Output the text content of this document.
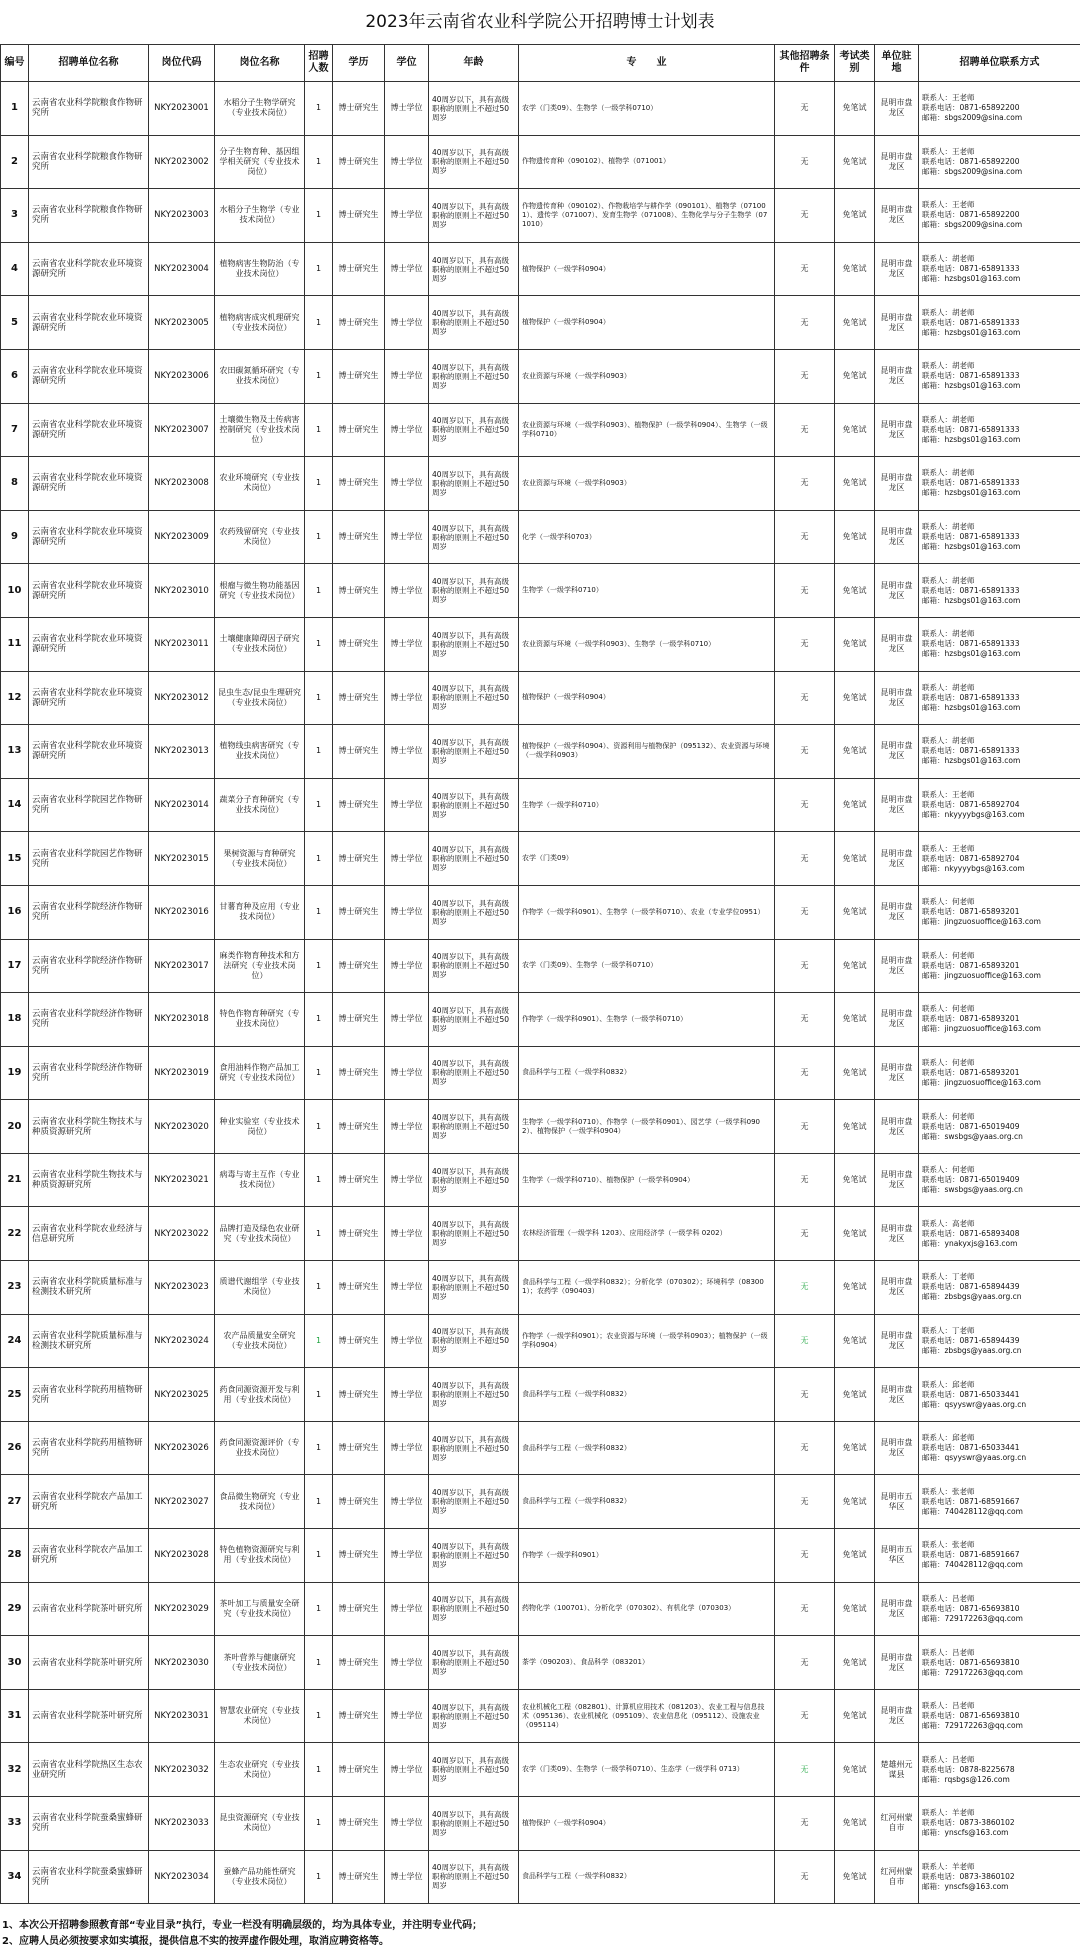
2023年云南省农业科学院公开招聘博士计划表
编号	招聘单位名称	岗位代码	岗位名称	招聘人数	学历	学位	年龄	专　　业	其他招聘条件	考试类别	单位驻地	招聘单位联系方式
1	云南省农业科学院粮食作物研究所	NKY2023001	水稻分子生物学研究（专业技术岗位）	1	博士研究生	博士学位	40周岁以下，具有高级职称的原则上不超过50周岁	农学（门类09）、生物学（一级学科0710）	无	免笔试	昆明市盘龙区	联系人：王老师
联系电话：0871-65892200
邮箱：sbgs2009@sina.com
2	云南省农业科学院粮食作物研究所	NKY2023002	分子生物育种、基因组学相关研究（专业技术岗位）	1	博士研究生	博士学位	40周岁以下，具有高级职称的原则上不超过50周岁	作物遗传育种（090102）、植物学（071001）	无	免笔试	昆明市盘龙区	联系人：王老师
联系电话：0871-65892200
邮箱：sbgs2009@sina.com
3	云南省农业科学院粮食作物研究所	NKY2023003	水稻分子生物学（专业技术岗位）	1	博士研究生	博士学位	40周岁以下，具有高级职称的原则上不超过50周岁	作物遗传育种（090102）、作物栽培学与耕作学（090101）、植物学（071001）、遗传学（071007）、发育生物学（071008）、生物化学与分子生物学（071010）	无	免笔试	昆明市盘龙区	联系人：王老师
联系电话：0871-65892200
邮箱：sbgs2009@sina.com
4	云南省农业科学院农业环境资源研究所	NKY2023004	植物病害生物防治（专业技术岗位）	1	博士研究生	博士学位	40周岁以下，具有高级职称的原则上不超过50周岁	植物保护（一级学科0904）	无	免笔试	昆明市盘龙区	联系人：胡老师
联系电话：0871-65891333
邮箱：hzsbgs01@163.com
5	云南省农业科学院农业环境资源研究所	NKY2023005	植物病害成灾机理研究（专业技术岗位）	1	博士研究生	博士学位	40周岁以下，具有高级职称的原则上不超过50周岁	植物保护（一级学科0904）	无	免笔试	昆明市盘龙区	联系人：胡老师
联系电话：0871-65891333
邮箱：hzsbgs01@163.com
6	云南省农业科学院农业环境资源研究所	NKY2023006	农田碳氮循环研究（专业技术岗位）	1	博士研究生	博士学位	40周岁以下，具有高级职称的原则上不超过50周岁	农业资源与环境（一级学科0903）	无	免笔试	昆明市盘龙区	联系人：胡老师
联系电话：0871-65891333
邮箱：hzsbgs01@163.com
7	云南省农业科学院农业环境资源研究所	NKY2023007	土壤微生物及土传病害控制研究（专业技术岗位）	1	博士研究生	博士学位	40周岁以下，具有高级职称的原则上不超过50周岁	农业资源与环境（一级学科0903）、植物保护（一级学科0904）、生物学（一级学科0710）	无	免笔试	昆明市盘龙区	联系人：胡老师
联系电话：0871-65891333
邮箱：hzsbgs01@163.com
8	云南省农业科学院农业环境资源研究所	NKY2023008	农业环境研究（专业技术岗位）	1	博士研究生	博士学位	40周岁以下，具有高级职称的原则上不超过50周岁	农业资源与环境（一级学科0903）	无	免笔试	昆明市盘龙区	联系人：胡老师
联系电话：0871-65891333
邮箱：hzsbgs01@163.com
9	云南省农业科学院农业环境资源研究所	NKY2023009	农药残留研究（专业技术岗位）	1	博士研究生	博士学位	40周岁以下，具有高级职称的原则上不超过50周岁	化学（一级学科0703）	无	免笔试	昆明市盘龙区	联系人：胡老师
联系电话：0871-65891333
邮箱：hzsbgs01@163.com
10	云南省农业科学院农业环境资源研究所	NKY2023010	根瘤与微生物功能基因研究（专业技术岗位）	1	博士研究生	博士学位	40周岁以下，具有高级职称的原则上不超过50周岁	生物学（一级学科0710）	无	免笔试	昆明市盘龙区	联系人：胡老师
联系电话：0871-65891333
邮箱：hzsbgs01@163.com
11	云南省农业科学院农业环境资源研究所	NKY2023011	土壤健康障碍因子研究（专业技术岗位）	1	博士研究生	博士学位	40周岁以下，具有高级职称的原则上不超过50周岁	农业资源与环境（一级学科0903）、生物学（一级学科0710）	无	免笔试	昆明市盘龙区	联系人：胡老师
联系电话：0871-65891333
邮箱：hzsbgs01@163.com
12	云南省农业科学院农业环境资源研究所	NKY2023012	昆虫生态/昆虫生理研究（专业技术岗位）	1	博士研究生	博士学位	40周岁以下，具有高级职称的原则上不超过50周岁	植物保护（一级学科0904）	无	免笔试	昆明市盘龙区	联系人：胡老师
联系电话：0871-65891333
邮箱：hzsbgs01@163.com
13	云南省农业科学院农业环境资源研究所	NKY2023013	植物线虫病害研究（专业技术岗位）	1	博士研究生	博士学位	40周岁以下，具有高级职称的原则上不超过50周岁	植物保护（一级学科0904）、资源利用与植物保护（095132）、农业资源与环境（一级学科0903）	无	免笔试	昆明市盘龙区	联系人：胡老师
联系电话：0871-65891333
邮箱：hzsbgs01@163.com
14	云南省农业科学院园艺作物研究所	NKY2023014	蔬菜分子育种研究（专业技术岗位）	1	博士研究生	博士学位	40周岁以下，具有高级职称的原则上不超过50周岁	生物学（一级学科0710）	无	免笔试	昆明市盘龙区	联系人：王老师
联系电话：0871-65892704
邮箱：nkyyyybgs@163.com
15	云南省农业科学院园艺作物研究所	NKY2023015	果树资源与育种研究（专业技术岗位）	1	博士研究生	博士学位	40周岁以下，具有高级职称的原则上不超过50周岁	农学（门类09）	无	免笔试	昆明市盘龙区	联系人：王老师
联系电话：0871-65892704
邮箱：nkyyyybgs@163.com
16	云南省农业科学院经济作物研究所	NKY2023016	甘薯育种及应用（专业技术岗位）	1	博士研究生	博士学位	40周岁以下，具有高级职称的原则上不超过50周岁	作物学（一级学科0901）、生物学（一级学科0710）、农业（专业学位0951）	无	免笔试	昆明市盘龙区	联系人：何老师
联系电话：0871-65893201
邮箱：jingzuosuoffice@163.com
17	云南省农业科学院经济作物研究所	NKY2023017	麻类作物育种技术和方法研究（专业技术岗位）	1	博士研究生	博士学位	40周岁以下，具有高级职称的原则上不超过50周岁	农学（门类09）、生物学（一级学科0710）	无	免笔试	昆明市盘龙区	联系人：何老师
联系电话：0871-65893201
邮箱：jingzuosuoffice@163.com
18	云南省农业科学院经济作物研究所	NKY2023018	特色作物育种研究（专业技术岗位）	1	博士研究生	博士学位	40周岁以下，具有高级职称的原则上不超过50周岁	作物学（一级学科0901）、生物学（一级学科0710）	无	免笔试	昆明市盘龙区	联系人：何老师
联系电话：0871-65893201
邮箱：jingzuosuoffice@163.com
19	云南省农业科学院经济作物研究所	NKY2023019	食用油料作物产品加工研究（专业技术岗位）	1	博士研究生	博士学位	40周岁以下，具有高级职称的原则上不超过50周岁	食品科学与工程（一级学科0832）	无	免笔试	昆明市盘龙区	联系人：何老师
联系电话：0871-65893201
邮箱：jingzuosuoffice@163.com
20	云南省农业科学院生物技术与种质资源研究所	NKY2023020	种业实验室（专业技术岗位）	1	博士研究生	博士学位	40周岁以下，具有高级职称的原则上不超过50周岁	生物学（一级学科0710）、作物学（一级学科0901）、园艺学（一级学科0902）、植物保护（一级学科0904）	无	免笔试	昆明市盘龙区	联系人：何老师
联系电话：0871-65019409
邮箱：swsbgs@yaas.org.cn
21	云南省农业科学院生物技术与种质资源研究所	NKY2023021	病毒与寄主互作（专业技术岗位）	1	博士研究生	博士学位	40周岁以下，具有高级职称的原则上不超过50周岁	生物学（一级学科0710）、植物保护（一级学科0904）	无	免笔试	昆明市盘龙区	联系人：何老师
联系电话：0871-65019409
邮箱：swsbgs@yaas.org.cn
22	云南省农业科学院农业经济与信息研究所	NKY2023022	品牌打造及绿色农业研究（专业技术岗位）	1	博士研究生	博士学位	40周岁以下，具有高级职称的原则上不超过50周岁	农林经济管理（一级学科 1203）、应用经济学（一级学科 0202）	无	免笔试	昆明市盘龙区	联系人：高老师
联系电话：0871-65893408
邮箱：ynakyxjs@163.com
23	云南省农业科学院质量标准与检测技术研究所	NKY2023023	质谱代谢组学（专业技术岗位）	1	博士研究生	博士学位	40周岁以下，具有高级职称的原则上不超过50周岁	食品科学与工程（一级学科0832）；分析化学（070302）；环境科学（083001）；农药学（090403）	无	免笔试	昆明市盘龙区	联系人：丁老师
联系电话：0871-65894439
邮箱：zbsbgs@yaas.org.cn
24	云南省农业科学院质量标准与检测技术研究所	NKY2023024	农产品质量安全研究（专业技术岗位）	1	博士研究生	博士学位	40周岁以下，具有高级职称的原则上不超过50周岁	作物学（一级学科0901）；农业资源与环境（一级学科0903）；植物保护（一级学科0904）	无	免笔试	昆明市盘龙区	联系人：丁老师
联系电话：0871-65894439
邮箱：zbsbgs@yaas.org.cn
25	云南省农业科学院药用植物研究所	NKY2023025	药食同源资源开发与利用（专业技术岗位）	1	博士研究生	博士学位	40周岁以下，具有高级职称的原则上不超过50周岁	食品科学与工程（一级学科0832）	无	免笔试	昆明市盘龙区	联系人：邱老师
联系电话：0871-65033441
邮箱：qsyyswr@yaas.org.cn
26	云南省农业科学院药用植物研究所	NKY2023026	药食同源资源评价（专业技术岗位）	1	博士研究生	博士学位	40周岁以下，具有高级职称的原则上不超过50周岁	食品科学与工程（一级学科0832）	无	免笔试	昆明市盘龙区	联系人：邱老师
联系电话：0871-65033441
邮箱：qsyyswr@yaas.org.cn
27	云南省农业科学院农产品加工研究所	NKY2023027	食品微生物研究（专业技术岗位）	1	博士研究生	博士学位	40周岁以下，具有高级职称的原则上不超过50周岁	食品科学与工程（一级学科0832）	无	免笔试	昆明市五华区	联系人：张老师
联系电话：0871-68591667
邮箱：740428112@qq.com
28	云南省农业科学院农产品加工研究所	NKY2023028	特色植物资源研究与利用（专业技术岗位）	1	博士研究生	博士学位	40周岁以下，具有高级职称的原则上不超过50周岁	作物学（一级学科0901）	无	免笔试	昆明市五华区	联系人：张老师
联系电话：0871-68591667
邮箱：740428112@qq.com
29	云南省农业科学院茶叶研究所	NKY2023029	茶叶加工与质量安全研究（专业技术岗位）	1	博士研究生	博士学位	40周岁以下，具有高级职称的原则上不超过50周岁	药物化学（100701）、分析化学（070302）、有机化学（070303）	无	免笔试	昆明市盘龙区	联系人：吕老师
联系电话：0871-65693810
邮箱：729172263@qq.com
30	云南省农业科学院茶叶研究所	NKY2023030	茶叶营养与健康研究（专业技术岗位）	1	博士研究生	博士学位	40周岁以下，具有高级职称的原则上不超过50周岁	茶学（090203）、食品科学（083201）	无	免笔试	昆明市盘龙区	联系人：吕老师
联系电话：0871-65693810
邮箱：729172263@qq.com
31	云南省农业科学院茶叶研究所	NKY2023031	智慧农业研究（专业技术岗位）	1	博士研究生	博士学位	40周岁以下，具有高级职称的原则上不超过50周岁	农业机械化工程（082801）、计算机应用技术（081203）、农业工程与信息技术（095136）、农业机械化（095109）、农业信息化（095112）、设施农业（095114）	无	免笔试	昆明市盘龙区	联系人：吕老师
联系电话：0871-65693810
邮箱：729172263@qq.com
32	云南省农业科学院热区生态农业研究所	NKY2023032	生态农业研究（专业技术岗位）	1	博士研究生	博士学位	40周岁以下，具有高级职称的原则上不超过50周岁	农学（门类09）、生物学（一级学科0710）、生态学（一级学科 0713）	无	免笔试	楚雄州元谋县	联系人：吕老师
联系电话：0878-8225678
邮箱：rqsbgs@126.com
33	云南省农业科学院蚕桑蜜蜂研究所	NKY2023033	昆虫资源研究（专业技术岗位）	1	博士研究生	博士学位	40周岁以下，具有高级职称的原则上不超过50周岁	植物保护（一级学科0904）	无	免笔试	红河州蒙自市	联系人：羊老师
联系电话：0873-3860102
邮箱：ynscfs@163.com
34	云南省农业科学院蚕桑蜜蜂研究所	NKY2023034	蚕蜂产品功能性研究（专业技术岗位）	1	博士研究生	博士学位	40周岁以下，具有高级职称的原则上不超过50周岁	食品科学与工程（一级学科0832）	无	免笔试	红河州蒙自市	联系人：羊老师
联系电话：0873-3860102
邮箱：ynscfs@163.com
1、本次公开招聘参照教育部“专业目录”执行，专业一栏没有明确层级的，均为具体专业，并注明专业代码；
2、应聘人员必须按要求如实填报，提供信息不实的按弄虚作假处理，取消应聘资格等。
